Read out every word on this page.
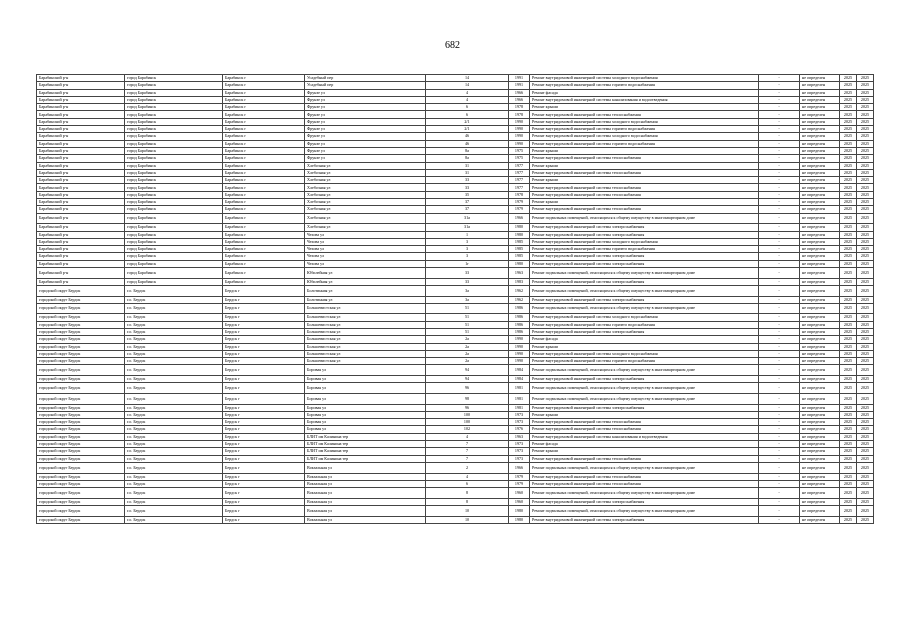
682
Барабинский р-н	город Барабинск	Барабинск г	Усадебный пер	14	1991	Ремонт внутридомовой инженерной системы холодного водоснабжения	-	не определен	2025	2025
Барабинский р-н	город Барабинск	Барабинск г	Усадебный пер	14	1991	Ремонт внутридомовой инженерной системы горячего водоснабжения	-	не определен	2025	2025
Барабинский р-н	город Барабинск	Барабинск г	Фрунзе ул	4	1966	Ремонт фасада	-	не определен	2025	2025
Барабинский р-н	город Барабинск	Барабинск г	Фрунзе ул	4	1966	Ремонт внутридомовой инженерной системы канализования и водоотведения	-	не определен	2025	2025
Барабинский р-н	город Барабинск	Барабинск г	Фрунзе ул	6	1978	Ремонт крыши	-	не определен	2025	2025
Барабинский р-н	город Барабинск	Барабинск г	Фрунзе ул	6	1978	Ремонт внутридомовой инженерной системы теплоснабжения	-	не определен	2025	2025
Барабинский р-н	город Барабинск	Барабинск г	Фрунзе ул	2/1	1990	Ремонт внутридомовой инженерной системы холодного водоснабжения	-	не определен	2025	2025
Барабинский р-н	город Барабинск	Барабинск г	Фрунзе ул	2/1	1990	Ремонт внутридомовой инженерной системы горячего водоснабжения	-	не определен	2025	2025
Барабинский р-н	город Барабинск	Барабинск г	Фрунзе ул	46	1990	Ремонт внутридомовой инженерной системы холодного водоснабжения	-	не определен	2025	2025
Барабинский р-н	город Барабинск	Барабинск г	Фрунзе ул	46	1990	Ремонт внутридомовой инженерной системы горячего водоснабжения	-	не определен	2025	2025
Барабинский р-н	город Барабинск	Барабинск г	Фрунзе ул	8а	1975	Ремонт крыши	-	не определен	2025	2025
Барабинский р-н	город Барабинск	Барабинск г	Фрунзе ул	8а	1975	Ремонт внутридомовой инженерной системы теплоснабжения	-	не определен	2025	2025
Барабинский р-н	город Барабинск	Барабинск г	Хлебозная ул	31	1977	Ремонт крыши	-	не определен	2025	2025
Барабинский р-н	город Барабинск	Барабинск г	Хлебозная ул	31	1977	Ремонт внутридомовой инженерной системы теплоснабжения	-	не определен	2025	2025
Барабинский р-н	город Барабинск	Барабинск г	Хлебозная ул	33	1977	Ремонт крыши	-	не определен	2025	2025
Барабинский р-н	город Барабинск	Барабинск г	Хлебозная ул	33	1977	Ремонт внутридомовой инженерной системы теплоснабжения	-	не определен	2025	2025
Барабинский р-н	город Барабинск	Барабинск г	Хлебозная ул	35	1978	Ремонт внутридомовой инженерной системы теплоснабжения	-	не определен	2025	2025
Барабинский р-н	город Барабинск	Барабинск г	Хлебозная ул	37	1979	Ремонт крыши	-	не определен	2025	2025
Барабинский р-н	город Барабинск	Барабинск г	Хлебозная ул	37	1979	Ремонт внутридомовой инженерной системы теплоснабжения	-	не определен	2025	2025
Барабинский р-н	город Барабинск	Барабинск г	Хлебозная ул	31а	1966	Ремонт подвальных помещений, относящихся к общему имуществу в многоквартирном доме	-	не определен	2025	2025
Барабинский р-н	город Барабинск	Барабинск г	Хлебозная ул	31а	1980	Ремонт внутридомовой инженерной системы электроснабжения	-	не определен	2025	2025
Барабинский р-н	город Барабинск	Барабинск г	Чехова ул	1	1980	Ремонт внутридомовой инженерной системы электроснабжения	-	не определен	2025	2025
Барабинский р-н	город Барабинск	Барабинск г	Чехова ул	3	1985	Ремонт внутридомовой инженерной системы холодного водоснабжения	-	не определен	2025	2025
Барабинский р-н	город Барабинск	Барабинск г	Чехова ул	3	1985	Ремонт внутридомовой инженерной системы горячего водоснабжения	-	не определен	2025	2025
Барабинский р-н	город Барабинск	Барабинск г	Чехова ул	3	1985	Ремонт внутридомовой инженерной системы электроснабжения	-	не определен	2025	2025
Барабинский р-н	город Барабинск	Барабинск г	Чехова ул	1г	1980	Ремонт внутридомовой инженерной системы электроснабжения	-	не определен	2025	2025
Барабинский р-н	город Барабинск	Барабинск г	Юбилейная ул	33	1963	Ремонт подвальных помещений, относящихся к общему имуществу в многоквартирном доме	-	не определен	2025	2025
Барабинский р-н	город Барабинск	Барабинск г	Юбилейная ул	33	1983	Ремонт внутридомовой инженерной системы электроснабжения	-	не определен	2025	2025
городской округ Бердск	г.о. Бердск	Бердск г	Болотинная ул	3а	1962	Ремонт подвальных помещений, относящихся к общему имуществу в многоквартирном доме	-	не определен	2025	2025
городской округ Бердск	г.о. Бердск	Бердск г	Болотинная ул	3а	1962	Ремонт внутридомовой инженерной системы электроснабжения	-	не определен	2025	2025
городской округ Бердск	г.о. Бердск	Бердск г	Большевистская ул	51	1986	Ремонт подвальных помещений, относящихся к общему имуществу в многоквартирном доме	-	не определен	2025	2025
городской округ Бердск	г.о. Бердск	Бердск г	Большевистская ул	51	1986	Ремонт внутридомовой инженерной системы холодного водоснабжения	-	не определен	2025	2025
городской округ Бердск	г.о. Бердск	Бердск г	Большевистская ул	51	1986	Ремонт внутридомовой инженерной системы горячего водоснабжения	-	не определен	2025	2025
городской округ Бердск	г.о. Бердск	Бердск г	Большевистская ул	51	1986	Ремонт внутридомовой инженерной системы электроснабжения	-	не определен	2025	2025
городской округ Бердск	г.о. Бердск	Бердск г	Большевистская ул	2а	1990	Ремонт фасада	-	не определен	2025	2025
городской округ Бердск	г.о. Бердск	Бердск г	Большевистская ул	2а	1990	Ремонт крыши	-	не определен	2025	2025
городской округ Бердск	г.о. Бердск	Бердск г	Большевистская ул	2а	1990	Ремонт внутридомовой инженерной системы холодного водоснабжения	-	не определен	2025	2025
городской округ Бердск	г.о. Бердск	Бердск г	Большевистская ул	2а	1990	Ремонт внутридомовой инженерной системы горячего водоснабжения	-	не определен	2025	2025
городской округ Бердск	г.о. Бердск	Бердск г	Боровая ул	94	1984	Ремонт подвальных помещений, относящихся к общему имуществу в многоквартирном доме	-	не определен	2025	2025
городской округ Бердск	г.о. Бердск	Бердск г	Боровая ул	94	1984	Ремонт внутридомовой инженерной системы электроснабжения	-	не определен	2025	2025
городской округ Бердск	г.о. Бердск	Бердск г	Боровая ул	96	1981	Ремонт подвальных помещений, относящихся к общему имуществу в многоквартирном доме	-	не определен	2025	2025
городской округ Бердск	г.о. Бердск	Бердск г	Боровая ул	98	1981	Ремонт подвальных помещений, относящихся к общему имуществу в многоквартирном доме	-	не определен	2025	2025
городской округ Бердск	г.о. Бердск	Бердск г	Боровая ул	96	1981	Ремонт внутридомовой инженерной системы электроснабжения	-	не определен	2025	2025
городской округ Бердск	г.о. Бердск	Бердск г	Боровая ул	100	1973	Ремонт крыши	-	не определен	2025	2025
городской округ Бердск	г.о. Бердск	Бердск г	Боровая ул	100	1973	Ремонт внутридомовой инженерной системы теплоснабжения	-	не определен	2025	2025
городской округ Бердск	г.о. Бердск	Бердск г	Боровая ул	102	1976	Ремонт внутридомовой инженерной системы теплоснабжения	-	не определен	2025	2025
городской округ Бердск	г.о. Бердск	Бердск г	БЛИТ им Калинина тер	4	1963	Ремонт внутридомовой инженерной системы канализования и водоотведения	-	не определен	2025	2025
городской округ Бердск	г.о. Бердск	Бердск г	БЛИТ им Калинина тер	7	1973	Ремонт фасада	-	не определен	2025	2025
городской округ Бердск	г.о. Бердск	Бердск г	БЛИТ им Калинина тер	7	1973	Ремонт крыши	-	не определен	2025	2025
городской округ Бердск	г.о. Бердск	Бердск г	БЛИТ им Калинина тер	7	1973	Ремонт внутридомовой инженерной системы теплоснабжения	-	не определен	2025	2025
городской округ Бердск	г.о. Бердск	Бердск г	Вокзальная ул	2	1966	Ремонт подвальных помещений, относящихся к общему имуществу в многоквартирном доме	-	не определен	2025	2025
городской округ Бердск	г.о. Бердск	Бердск г	Вокзальная ул	4	1979	Ремонт внутридомовой инженерной системы теплоснабжения	-	не определен	2025	2025
городской округ Бердск	г.о. Бердск	Бердск г	Вокзальная ул	6	1979	Ремонт внутридомовой инженерной системы теплоснабжения	-	не определен	2025	2025
городской округ Бердск	г.о. Бердск	Бердск г	Вокзальная ул	8	1960	Ремонт подвальных помещений, относящихся к общему имуществу в многоквартирном доме	-	не определен	2025	2025
городской округ Бердск	г.о. Бердск	Бердск г	Вокзальная ул	8	1960	Ремонт внутридомовой инженерной системы электроснабжения	-	не определен	2025	2025
городской округ Бердск	г.о. Бердск	Бердск г	Вокзальная ул	10	1980	Ремонт подвальных помещений, относящихся к общему имуществу в многоквартирном доме	-	не определен	2025	2025
городской округ Бердск	г.о. Бердск	Бердск г	Вокзальная ул	10	1980	Ремонт внутридомовой инженерной системы электроснабжения	-	не определен	2025	2025
